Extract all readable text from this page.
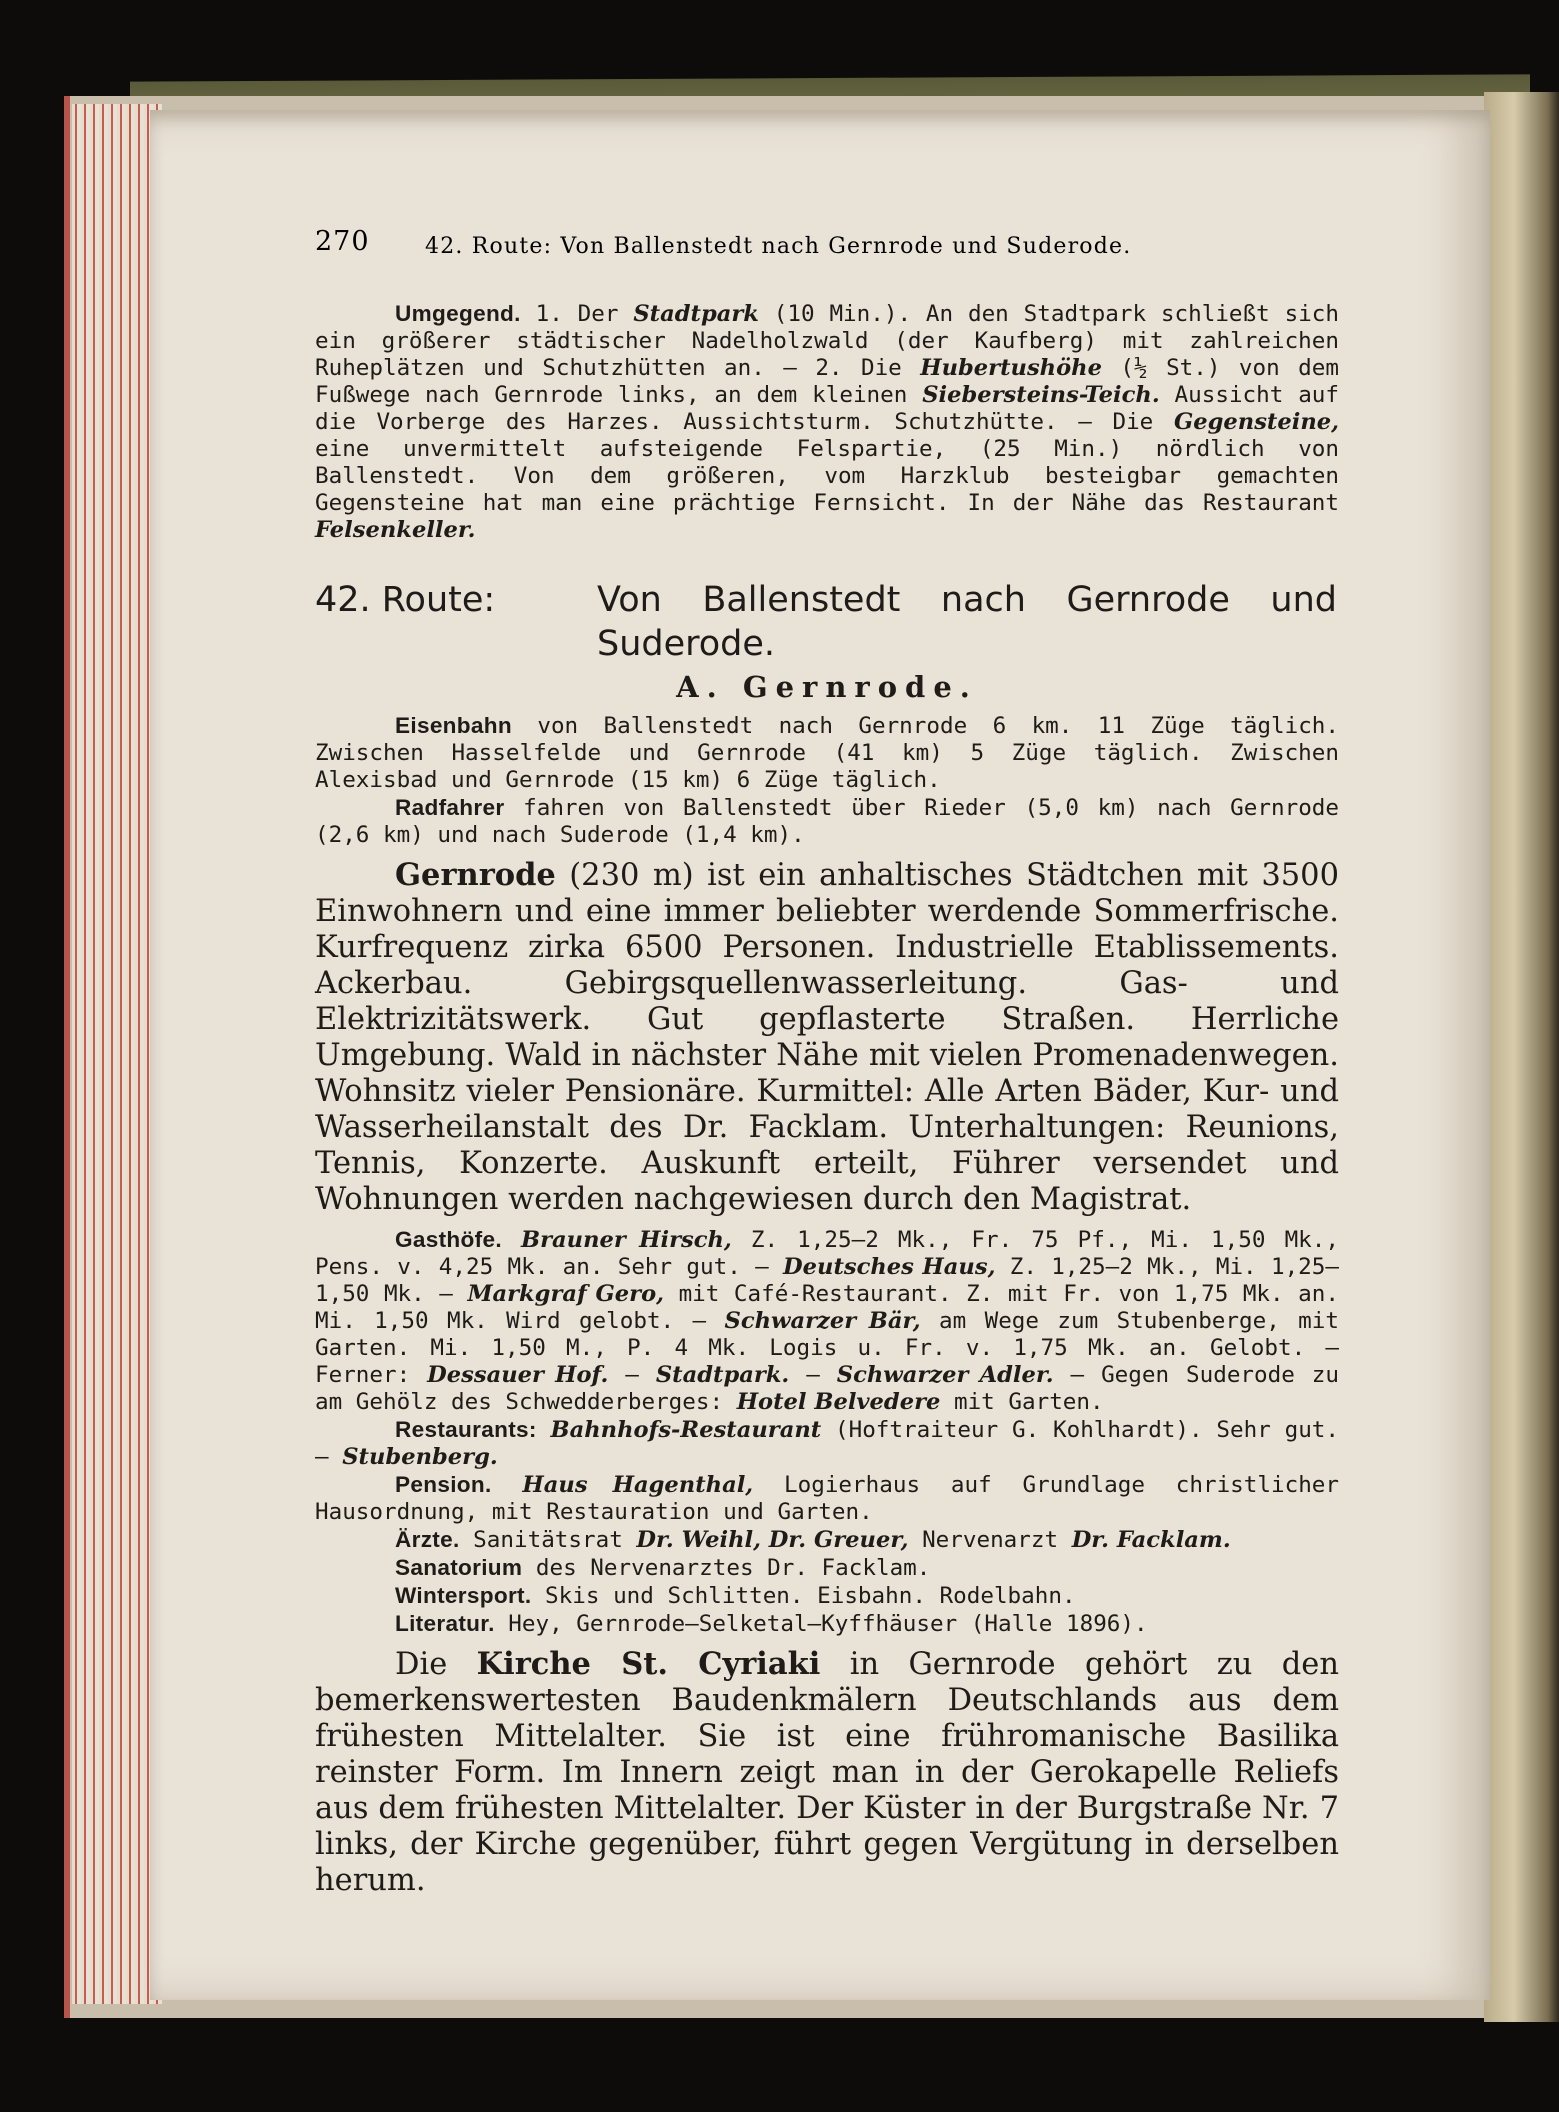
270	42. Route: Von Ballenstedt nach Gernrode und Suderode.

Umgegend. 1. Der Stadtpark (10 Min.). An den Stadtpark schließt sich ein größerer städtischer Nadelholzwald (der Kaufberg) mit zahlreichen Ruheplätzen und Schutzhütten an. — 2. Die Hubertushöhe (½ St.) von dem Fußwege nach Gernrode links, an dem kleinen Siebersteins-Teich. Aussicht auf die Vorberge des Harzes. Aussichtsturm. Schutzhütte. — Die Gegensteine, eine unvermittelt aufsteigende Felspartie, (25 Min.) nördlich von Ballenstedt. Von dem größeren, vom Harzklub besteigbar gemachten Gegensteine hat man eine prächtige Fernsicht. In der Nähe das Restaurant Felsenkeller.

42. Route:	Von Ballenstedt nach Gernrode und Suderode.
A. Gernrode.

Eisenbahn von Ballenstedt nach Gernrode 6 km. 11 Züge täglich. Zwischen Hasselfelde und Gernrode (41 km) 5 Züge täglich. Zwischen Alexisbad und Gernrode (15 km) 6 Züge täglich.

Radfahrer fahren von Ballenstedt über Rieder (5,0 km) nach Gernrode (2,6 km) und nach Suderode (1,4 km).

Gernrode (230 m) ist ein anhaltisches Städtchen mit 3500 Einwohnern und eine immer beliebter werdende Sommerfrische. Kurfrequenz zirka 6500 Personen. Industrielle Etablissements. Ackerbau. Gebirgsquellenwasserleitung. Gas- und Elektrizitätswerk. Gut gepflasterte Straßen. Herrliche Umgebung. Wald in nächster Nähe mit vielen Promenadenwegen. Wohnsitz vieler Pensionäre. Kurmittel: Alle Arten Bäder, Kur- und Wasserheilanstalt des Dr. Facklam. Unterhaltungen: Reunions, Tennis, Konzerte. Auskunft erteilt, Führer versendet und Wohnungen werden nachgewiesen durch den Magistrat.

Gasthöfe. Brauner Hirsch, Z. 1,25—2 Mk., Fr. 75 Pf., Mi. 1,50 Mk., Pens. v. 4,25 Mk. an. Sehr gut. — Deutsches Haus, Z. 1,25—2 Mk., Mi. 1,25—1,50 Mk. — Markgraf Gero, mit Café-Restaurant. Z. mit Fr. von 1,75 Mk. an. Mi. 1,50 Mk. Wird gelobt. — Schwarzer Bär, am Wege zum Stubenberge, mit Garten. Mi. 1,50 M., P. 4 Mk. Logis u. Fr. v. 1,75 Mk. an. Gelobt. — Ferner: Dessauer Hof. — Stadtpark. — Schwarzer Adler. — Gegen Suderode zu am Gehölz des Schwedderberges: Hotel Belvedere mit Garten.

Restaurants: Bahnhofs-Restaurant (Hoftraiteur G. Kohlhardt). Sehr gut. — Stubenberg.

Pension. Haus Hagenthal, Logierhaus auf Grundlage christlicher Hausordnung, mit Restauration und Garten.

Ärzte. Sanitätsrat Dr. Weihl, Dr. Greuer, Nervenarzt Dr. Facklam.

Sanatorium des Nervenarztes Dr. Facklam.

Wintersport. Skis und Schlitten. Eisbahn. Rodelbahn.

Literatur. Hey, Gernrode—Selketal—Kyffhäuser (Halle 1896).

Die Kirche St. Cyriaki in Gernrode gehört zu den bemerkenswertesten Baudenkmälern Deutschlands aus dem frühesten Mittelalter. Sie ist eine frühromanische Basilika reinster Form. Im Innern zeigt man in der Gerokapelle Reliefs aus dem frühesten Mittelalter. Der Küster in der Burgstraße Nr. 7 links, der Kirche gegenüber, führt gegen Vergütung in derselben herum.
